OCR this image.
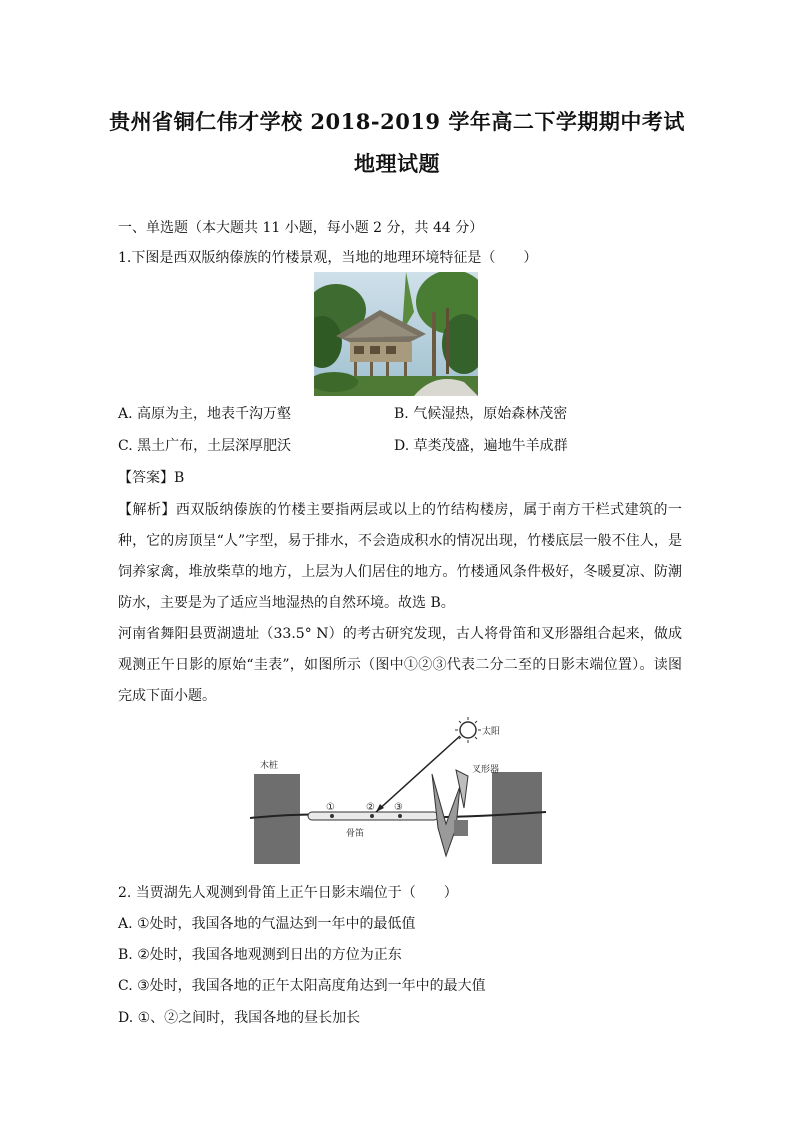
贵州省铜仁伟才学校 2018-2019 学年高二下学期期中考试
地理试题
一、单选题（本大题共 11 小题，每小题 2 分，共 44 分）
1.下图是西双版纳傣族的竹楼景观，当地的地理环境特征是（　　）
A. 高原为主，地表千沟万壑	B. 气候湿热，原始森林茂密
C. 黑土广布，土层深厚肥沃	D. 草类茂盛，遍地牛羊成群
【答案】B
【解析】西双版纳傣族的竹楼主要指两层或以上的竹结构楼房，属于南方干栏式建筑的一种，它的房顶呈“人”字型，易于排水，不会造成积水的情况出现，竹楼底层一般不住人，是饲养家禽，堆放柴草的地方，上层为人们居住的地方。竹楼通风条件极好，冬暖夏凉、防潮防水，主要是为了适应当地湿热的自然环境。故选 B。
河南省舞阳县贾湖遗址（33.5° N）的考古研究发现，古人将骨笛和叉形器组合起来，做成观测正午日影的原始“圭表”，如图所示（图中①②③代表二分二至的日影末端位置）。读图完成下面小题。
太阳
木桩	叉形器
骨笛
①	② ③
2. 当贾湖先人观测到骨笛上正午日影末端位于（　　）
A. ①处时，我国各地的气温达到一年中的最低值
B. ②处时，我国各地观测到日出的方位为正东
C. ③处时，我国各地的正午太阳高度角达到一年中的最大值
D. ①、②之间时，我国各地的昼长加长
